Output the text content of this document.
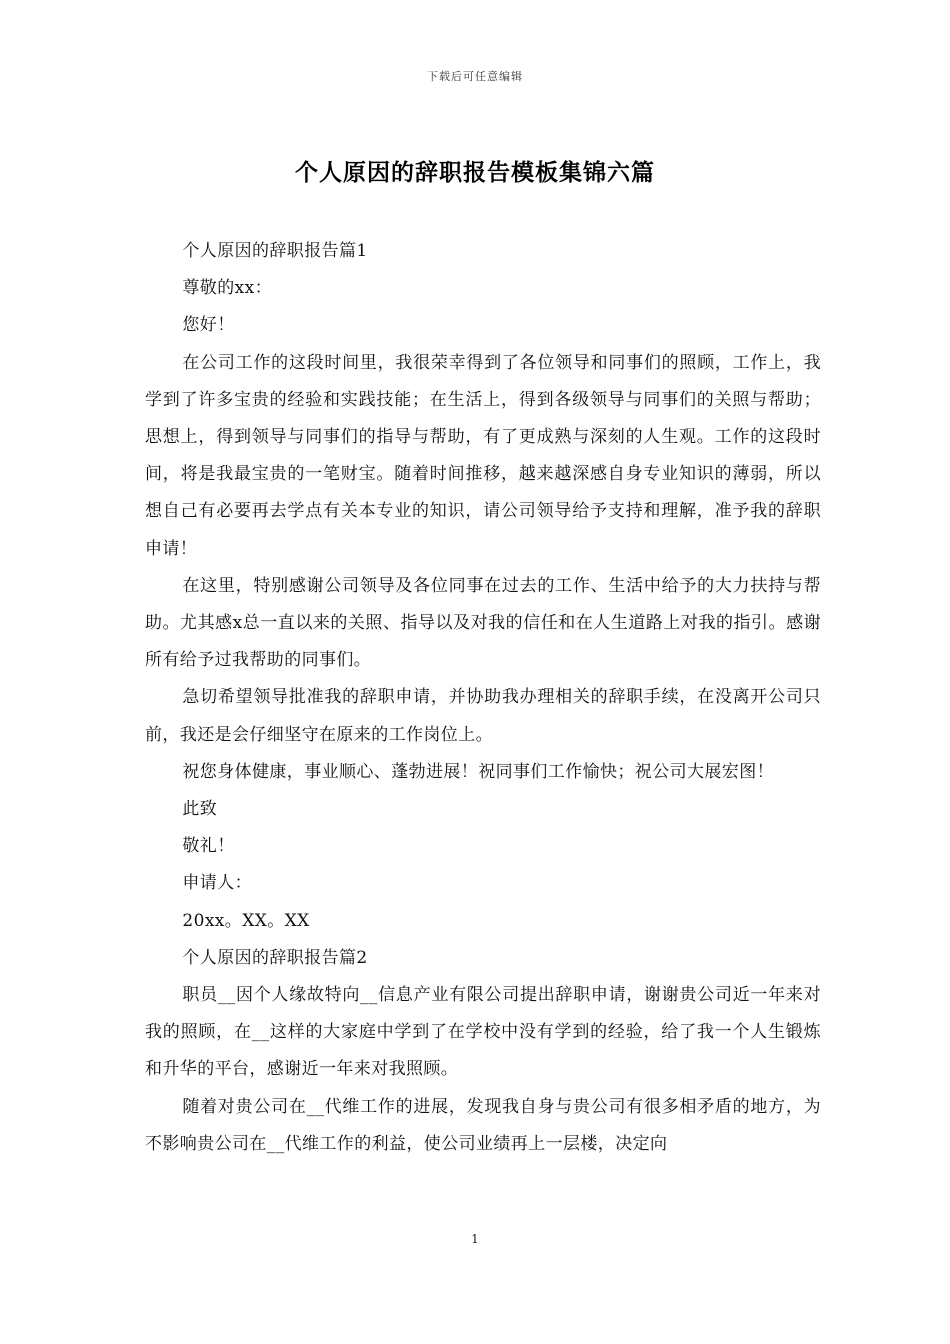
下载后可任意编辑
个人原因的辞职报告模板集锦六篇

个人原因的辞职报告篇1

尊敬的xx：

您好！

在公司工作的这段时间里，我很荣幸得到了各位领导和同事们的照顾，工作上，我学到了许多宝贵的经验和实践技能；在生活上，得到各级领导与同事们的关照与帮助；思想上，得到领导与同事们的指导与帮助，有了更成熟与深刻的人生观。工作的这段时间，将是我最宝贵的一笔财宝。随着时间推移，越来越深感自身专业知识的薄弱，所以想自己有必要再去学点有关本专业的知识，请公司领导给予支持和理解，准予我的辞职申请！

在这里，特别感谢公司领导及各位同事在过去的工作、生活中给予的大力扶持与帮助。尤其感x总一直以来的关照、指导以及对我的信任和在人生道路上对我的指引。感谢所有给予过我帮助的同事们。

急切希望领导批准我的辞职申请，并协助我办理相关的辞职手续，在没离开公司只前，我还是会仔细坚守在原来的工作岗位上。

祝您身体健康，事业顺心、蓬勃进展！祝同事们工作愉快；祝公司大展宏图！

此致

敬礼！

申请人：

20xx。XX。XX

个人原因的辞职报告篇2

职员__因个人缘故特向__信息产业有限公司提出辞职申请，谢谢贵公司近一年来对我的照顾，在__这样的大家庭中学到了在学校中没有学到的经验，给了我一个人生锻炼和升华的平台，感谢近一年来对我照顾。

随着对贵公司在__代维工作的进展，发现我自身与贵公司有很多相矛盾的地方，为不影响贵公司在__代维工作的利益，使公司业绩再上一层楼，决定向

1
